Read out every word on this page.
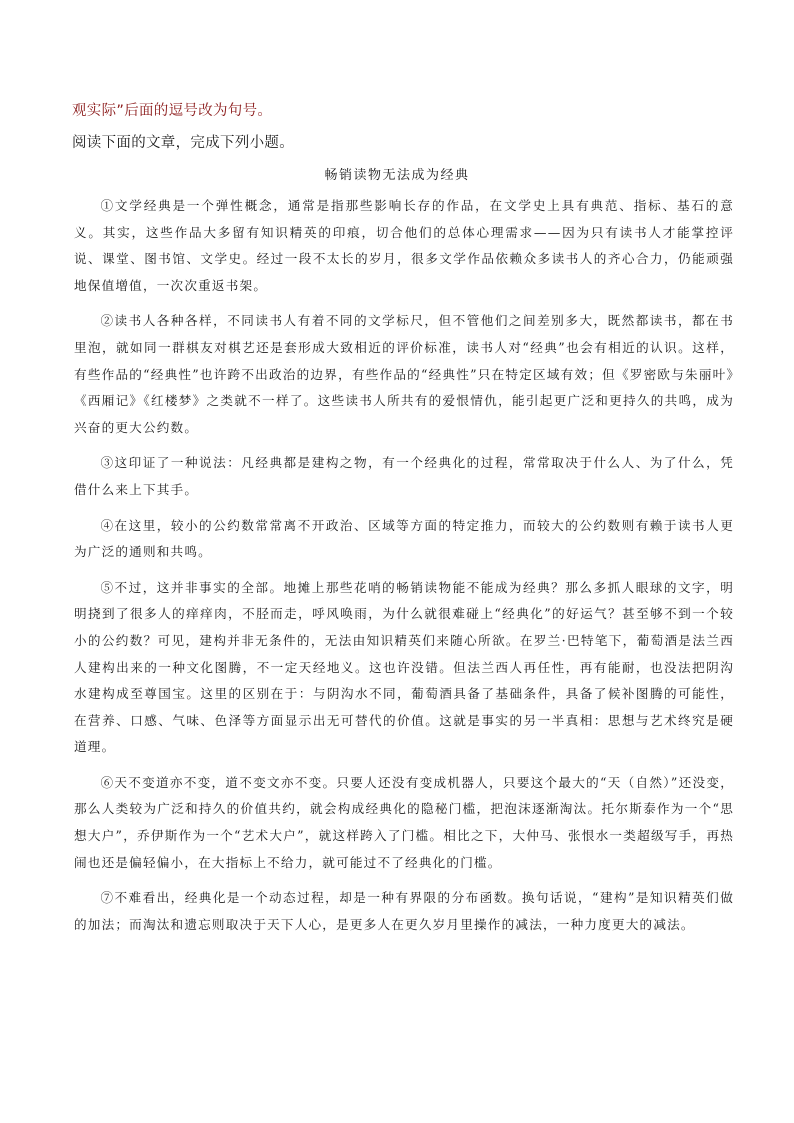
观实际”后面的逗号改为句号。

阅读下面的文章，完成下列小题。

畅销读物无法成为经典

①文学经典是一个弹性概念，通常是指那些影响长存的作品，在文学史上具有典范、指标、基石的意义。其实，这些作品大多留有知识精英的印痕，切合他们的总体心理需求——因为只有读书人才能掌控评说、课堂、图书馆、文学史。经过一段不太长的岁月，很多文学作品依赖众多读书人的齐心合力，仍能顽强地保值增值，一次次重返书架。

②读书人各种各样，不同读书人有着不同的文学标尺，但不管他们之间差别多大，既然都读书，都在书里泡，就如同一群棋友对棋艺还是套形成大致相近的评价标准，读书人对“经典”也会有相近的认识。这样，有些作品的“经典性”也许跨不出政治的边界，有些作品的“经典性”只在特定区域有效；但《罗密欧与朱丽叶》《西厢记》《红楼梦》之类就不一样了。这些读书人所共有的爱恨情仇，能引起更广泛和更持久的共鸣，成为兴奋的更大公约数。

③这印证了一种说法：凡经典都是建构之物，有一个经典化的过程，常常取决于什么人、为了什么，凭借什么来上下其手。

④在这里，较小的公约数常常离不开政治、区域等方面的特定推力，而较大的公约数则有赖于读书人更为广泛的通则和共鸣。

⑤不过，这并非事实的全部。地摊上那些花哨的畅销读物能不能成为经典？那么多抓人眼球的文字，明明挠到了很多人的痒痒肉，不胫而走，呼风唤雨，为什么就很难碰上“经典化”的好运气？甚至够不到一个较小的公约数？可见，建构并非无条件的，无法由知识精英们来随心所欲。在罗兰·巴特笔下，葡萄酒是法兰西人建构出来的一种文化图腾，不一定天经地义。这也许没错。但法兰西人再任性，再有能耐，也没法把阴沟水建构成至尊国宝。这里的区别在于：与阴沟水不同，葡萄酒具备了基础条件，具备了候补图腾的可能性，在营养、口感、气味、色泽等方面显示出无可替代的价值。这就是事实的另一半真相：思想与艺术终究是硬道理。

⑥天不变道亦不变，道不变文亦不变。只要人还没有变成机器人，只要这个最大的“天（自然）”还没变，那么人类较为广泛和持久的价值共约，就会构成经典化的隐秘门槛，把泡沫逐渐淘汰。托尔斯泰作为一个“思想大户”，乔伊斯作为一个“艺术大户”，就这样跨入了门槛。相比之下，大仲马、张恨水一类超级写手，再热闹也还是偏轻偏小，在大指标上不给力，就可能过不了经典化的门槛。

⑦不难看出，经典化是一个动态过程，却是一种有界限的分布函数。换句话说，“建构”是知识精英们做的加法；而淘汰和遗忘则取决于天下人心，是更多人在更久岁月里操作的减法，一种力度更大的减法。
